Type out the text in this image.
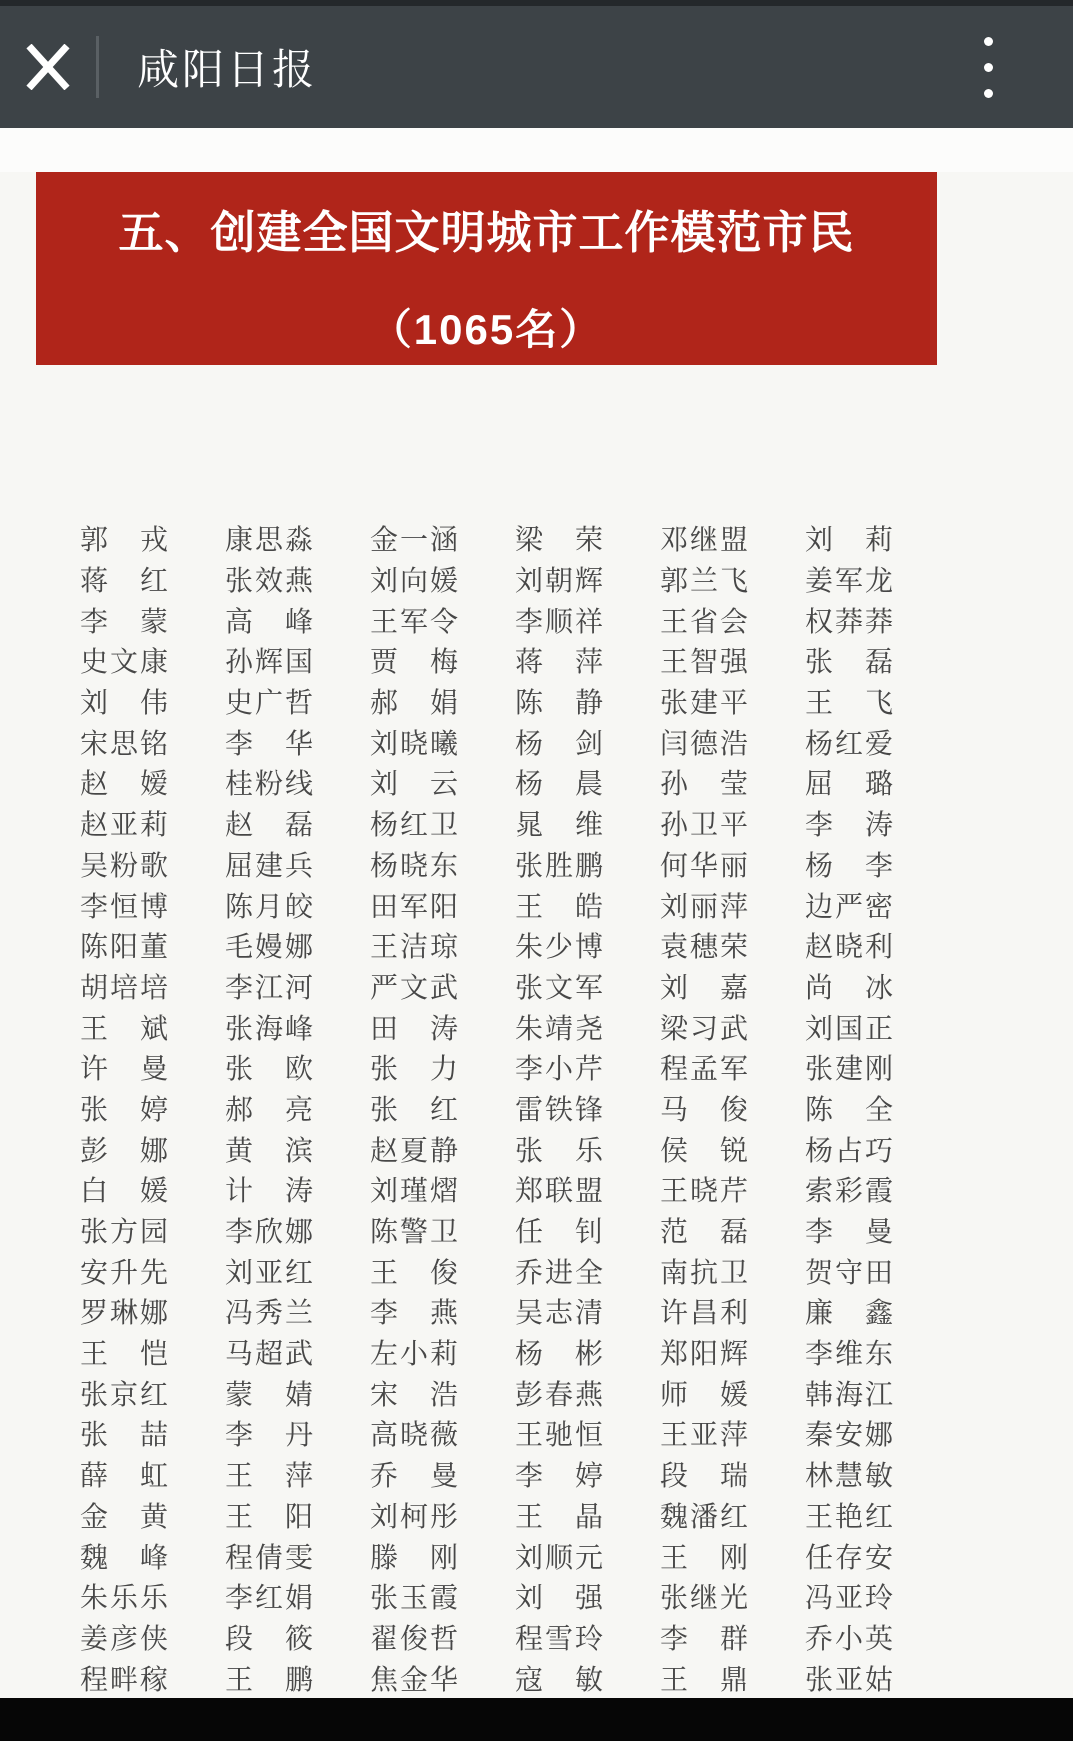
咸阳日报
五、创建全国文明城市工作模范市民
（1065名）
郭 戎 康 思 淼 金 一 涵 梁 荣 邓 继 盟 刘 莉
蒋 红 张 效 燕 刘 向 媛 刘 朝 辉 郭 兰 飞 姜 军 龙
李 蒙 高 峰 王 军 令 李 顺 祥 王 省 会 权 莽 莽
史 文 康 孙 辉 国 贾 梅 蒋 萍 王 智 强 张 磊
刘 伟 史 广 哲 郝 娟 陈 静 张 建 平 王 飞
宋 思 铭 李 华 刘 晓 曦 杨 剑 闫 德 浩 杨 红 爱
赵 嫒 桂 粉 线 刘 云 杨 晨 孙 莹 屈 璐
赵 亚 莉 赵 磊 杨 红 卫 晁 维 孙 卫 平 李 涛
吴 粉 歌 屈 建 兵 杨 晓 东 张 胜 鹏 何 华 丽 杨 李
李 恒 博 陈 月 皎 田 军 阳 王 皓 刘 丽 萍 边 严 密
陈 阳 董 毛 嫚 娜 王 洁 琼 朱 少 博 袁 穗 荣 赵 晓 利
胡 培 培 李 江 河 严 文 武 张 文 军 刘 嘉 尚 冰
王 斌 张 海 峰 田 涛 朱 靖 尧 梁 习 武 刘 国 正
许 曼 张 欧 张 力 李 小 芹 程 孟 军 张 建 刚
张 婷 郝 亮 张 红 雷 铁 锋 马 俊 陈 全
彭 娜 黄 滨 赵 夏 静 张 乐 侯 锐 杨 占 巧
白 媛 计 涛 刘 瑾 熠 郑 联 盟 王 晓 芹 索 彩 霞
张 方 园 李 欣 娜 陈 警 卫 任 钊 范 磊 李 曼
安 升 先 刘 亚 红 王 俊 乔 进 全 南 抗 卫 贺 守 田
罗 琳 娜 冯 秀 兰 李 燕 吴 志 清 许 昌 利 廉 鑫
王 恺 马 超 武 左 小 莉 杨 彬 郑 阳 辉 李 维 东
张 京 红 蒙 婧 宋 浩 彭 春 燕 师 媛 韩 海 江
张 喆 李 丹 高 晓 薇 王 驰 恒 王 亚 萍 秦 安 娜
薛 虹 王 萍 乔 曼 李 婷 段 瑞 林 慧 敏
金 黄 王 阳 刘 柯 彤 王 晶 魏 潘 红 王 艳 红
魏 峰 程 倩 雯 滕 刚 刘 顺 元 王 刚 任 存 安
朱 乐 乐 李 红 娟 张 玉 霞 刘 强 张 继 光 冯 亚 玲
姜 彦 侠 段 筱 翟 俊 哲 程 雪 玲 李 群 乔 小 英
程 畔 稼 王 鹏 焦 金 华 寇 敏 王 鼎 张 亚 姑
